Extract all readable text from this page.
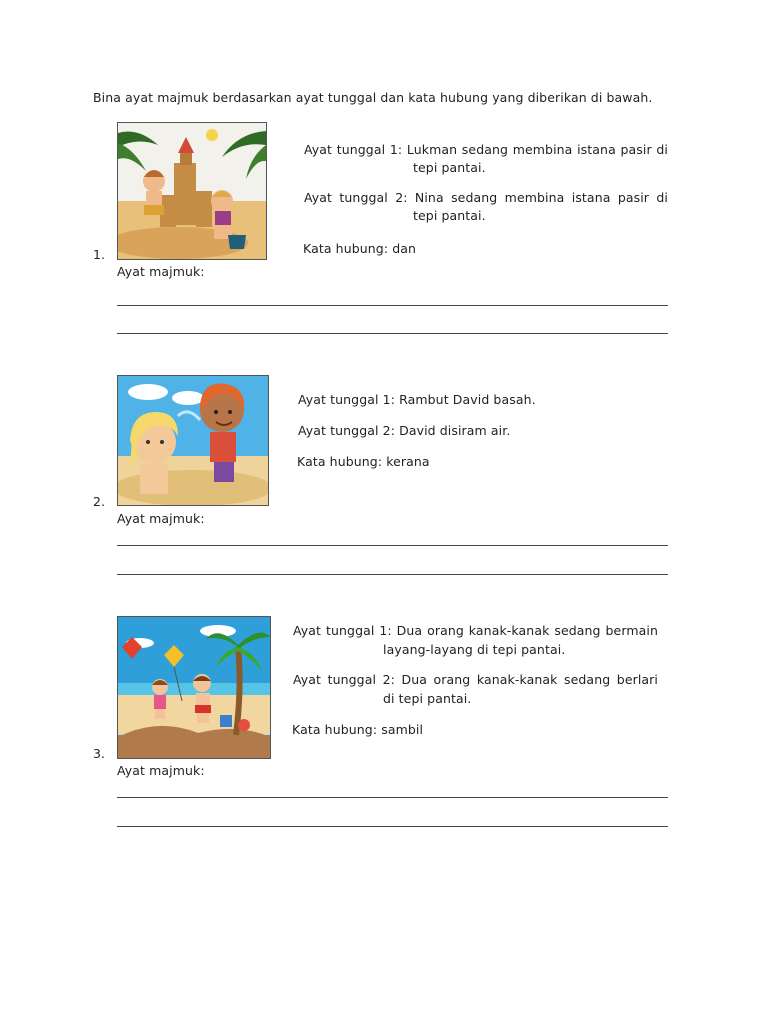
Bina ayat majmuk berdasarkan ayat tunggal dan kata hubung yang diberikan di bawah.
1.
Ayat tunggal 1: Lukman sedang membina istana pasir di
tepi pantai.
Ayat tunggal 2: Nina sedang membina istana pasir di
tepi pantai.
Kata hubung: dan
Ayat majmuk:
2.
Ayat tunggal 1: Rambut David basah.
Ayat tunggal 2: David disiram air.
Kata hubung: kerana
Ayat majmuk:
3.
Ayat tunggal 1: Dua orang kanak-kanak sedang bermain
layang-layang di tepi pantai.
Ayat tunggal 2: Dua orang kanak-kanak sedang berlari
di tepi pantai.
Kata hubung: sambil
Ayat majmuk:
